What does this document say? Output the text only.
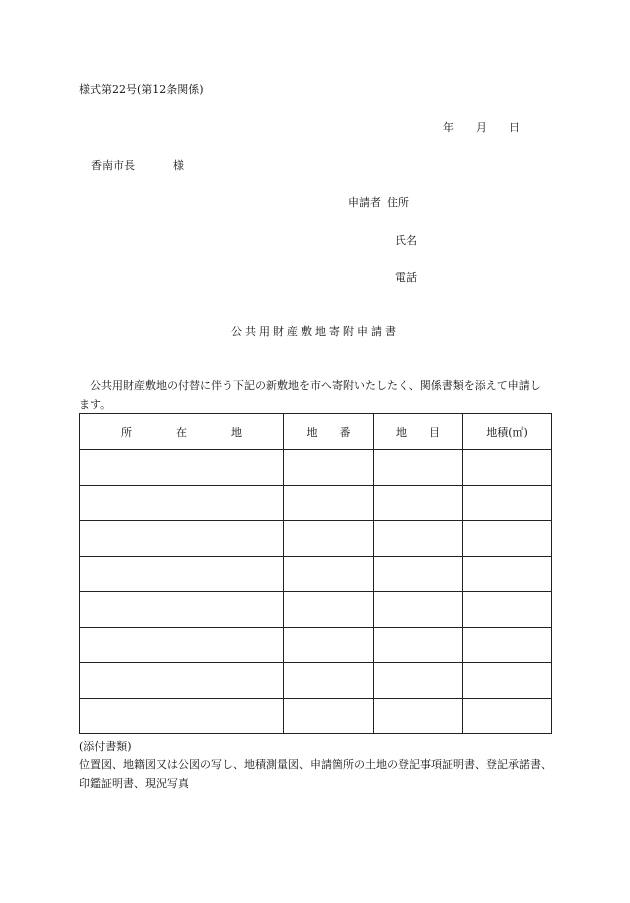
様式第22号(第12条関係)
年 月 日
香南市長	様
申請者 住所
氏名
電話
公共用財産敷地寄附申請書
公共用財産敷地の付替に伴う下記の新敷地を市へ寄附いたしたく、関係書類を添えて申請します。
所　　　　在　　　　地	地　　番	地　　目	地積(㎡)

(添付書類)
位置図、地籍図又は公図の写し、地積測量図、申請箇所の土地の登記事項証明書、登記承諾書、印鑑証明書、現況写真
